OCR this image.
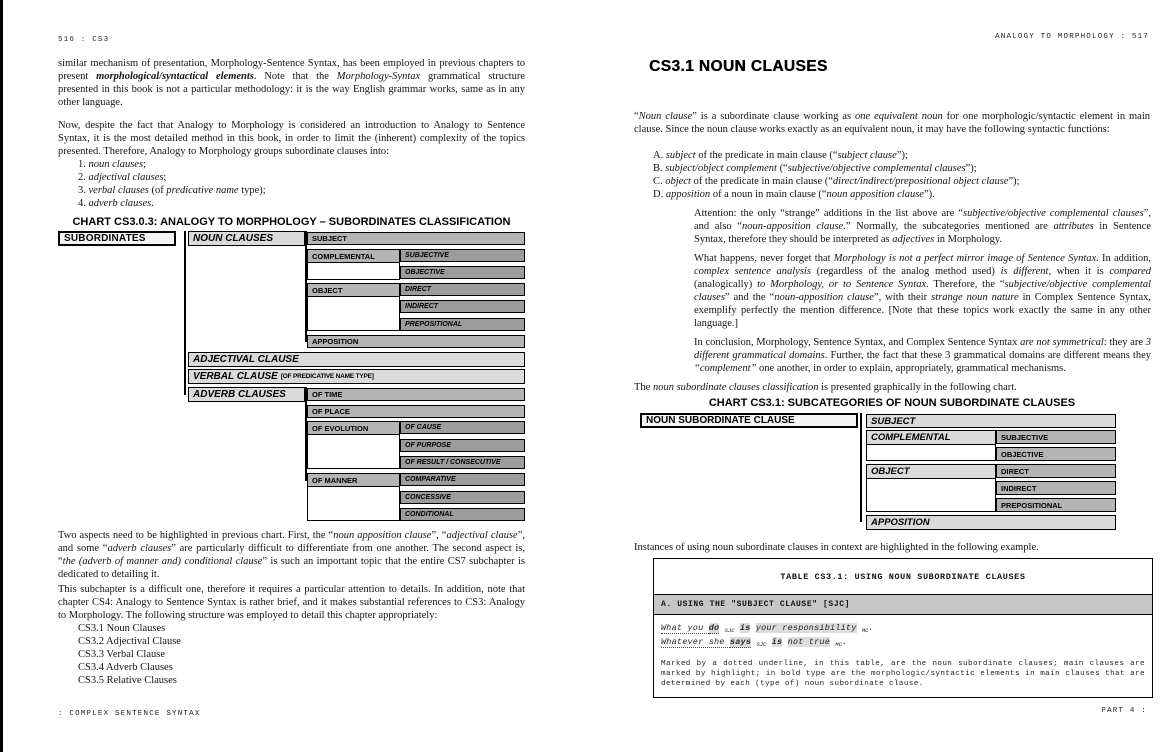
516 : CS3
similar mechanism of presentation, Morphology-Sentence Syntax, has been employed in previous chapters to present morphological/syntactical elements. Note that the Morphology-Syntax grammatical structure presented in this book is not a particular methodology: it is the way English grammar works, same as in any other language.
Now, despite the fact that Analogy to Morphology is considered an introduction to Analogy to Sentence Syntax, it is the most detailed method in this book, in order to limit the (inherent) complexity of the topics presented. Therefore, Analogy to Morphology groups subordinate clauses into:
1. noun clauses;
2. adjectival clauses;
3. verbal clauses (of predicative name type);
4. adverb clauses.
CHART CS3.0.3: ANALOGY TO MORPHOLOGY – SUBORDINATES CLASSIFICATION
SUBORDINATES	NOUN CLAUSES	SUBJECT
COMPLEMENTAL	SUBJECTIVE
OBJECTIVE
OBJECT	DIRECT
INDIRECT
PREPOSITIONAL
APPOSITION
ADJECTIVAL CLAUSE
VERBAL CLAUSE [OF PREDICATIVE NAME TYPE]
ADVERB CLAUSES	OF TIME
OF PLACE
OF EVOLUTION	OF CAUSE
OF PURPOSE
OF RESULT / CONSECUTIVE
OF MANNER	COMPARATIVE
CONCESSIVE
CONDITIONAL
Two aspects need to be highlighted in previous chart. First, the “noun apposition clause”, “adjectival clause”, and some “adverb clauses” are particularly difficult to differentiate from one another. The second aspect is, “the (adverb of manner and) conditional clause” is such an important topic that the entire CS7 subchapter is dedicated to detailing it.
This subchapter is a difficult one, therefore it requires a particular attention to details. In addition, note that chapter CS4: Analogy to Sentence Syntax is rather brief, and it makes substantial references to CS3: Analogy to Morphology. The following structure was employed to detail this chapter appropriately:
CS3.1 Noun Clauses
CS3.2 Adjectival Clause
CS3.3 Verbal Clause
CS3.4 Adverb Clauses
CS3.5 Relative Clauses
: COMPLEX SENTENCE SYNTAX
ANALOGY TO MORPHOLOGY : 517
CS3.1 NOUN CLAUSES
“Noun clause” is a subordinate clause working as one equivalent noun for one morphologic/syntactic element in main clause. Since the noun clause works exactly as an equivalent noun, it may have the following syntactic functions:
A. subject of the predicate in main clause (“subject clause”);
B. subject/object complement (“subjective/objective complemental clauses”);
C. object of the predicate in main clause (“direct/indirect/prepositional object clause”);
D. apposition of a noun in main clause (“noun apposition clause”).
Attention: the only “strange” additions in the list above are “subjective/objective complemental clauses”, and also “noun-apposition clause.” Normally, the subcategories mentioned are attributes in Sentence Syntax, therefore they should be interpreted as adjectives in Morphology.
What happens, never forget that Morphology is not a perfect mirror image of Sentence Syntax. In addition, complex sentence analysis (regardless of the analog method used) is different, when it is compared (analogically) to Morphology, or to Sentence Syntax. Therefore, the “subjective/objective complemental clauses” and the “noun-apposition clause”, with their strange noun nature in Complex Sentence Syntax, exemplify perfectly the mention difference. [Note that these topics work exactly the same in any other language.]
In conclusion, Morphology, Sentence Syntax, and Complex Sentence Syntax are not symmetrical: they are 3 different grammatical domains. Further, the fact that these 3 grammatical domains are different means they “complement” one another, in order to explain, appropriately, grammatical mechanisms.
The noun subordinate clauses classification is presented graphically in the following chart.
CHART CS3.1: SUBCATEGORIES OF NOUN SUBORDINATE CLAUSES
NOUN SUBORDINATE CLAUSE	SUBJECT
COMPLEMENTAL	SUBJECTIVE
OBJECTIVE
OBJECT	DIRECT
INDIRECT
PREPOSITIONAL
APPOSITION
Instances of using noun subordinate clauses in context are highlighted in the following example.
TABLE CS3.1: USING NOUN SUBORDINATE CLAUSES
A. USING THE "SUBJECT CLAUSE" [SJC]
What you do $_{SJC}$ is your responsibility $_{MC}$.
Whatever she says $_{SJC}$ is not true $_{MC}$.
Marked by a dotted underline, in this table, are the noun subordinate clauses; main clauses are marked by highlight; in bold type are the morphologic/syntactic elements in main clauses that are determined by each (type of) noun subordinate clause.
PART 4 :
